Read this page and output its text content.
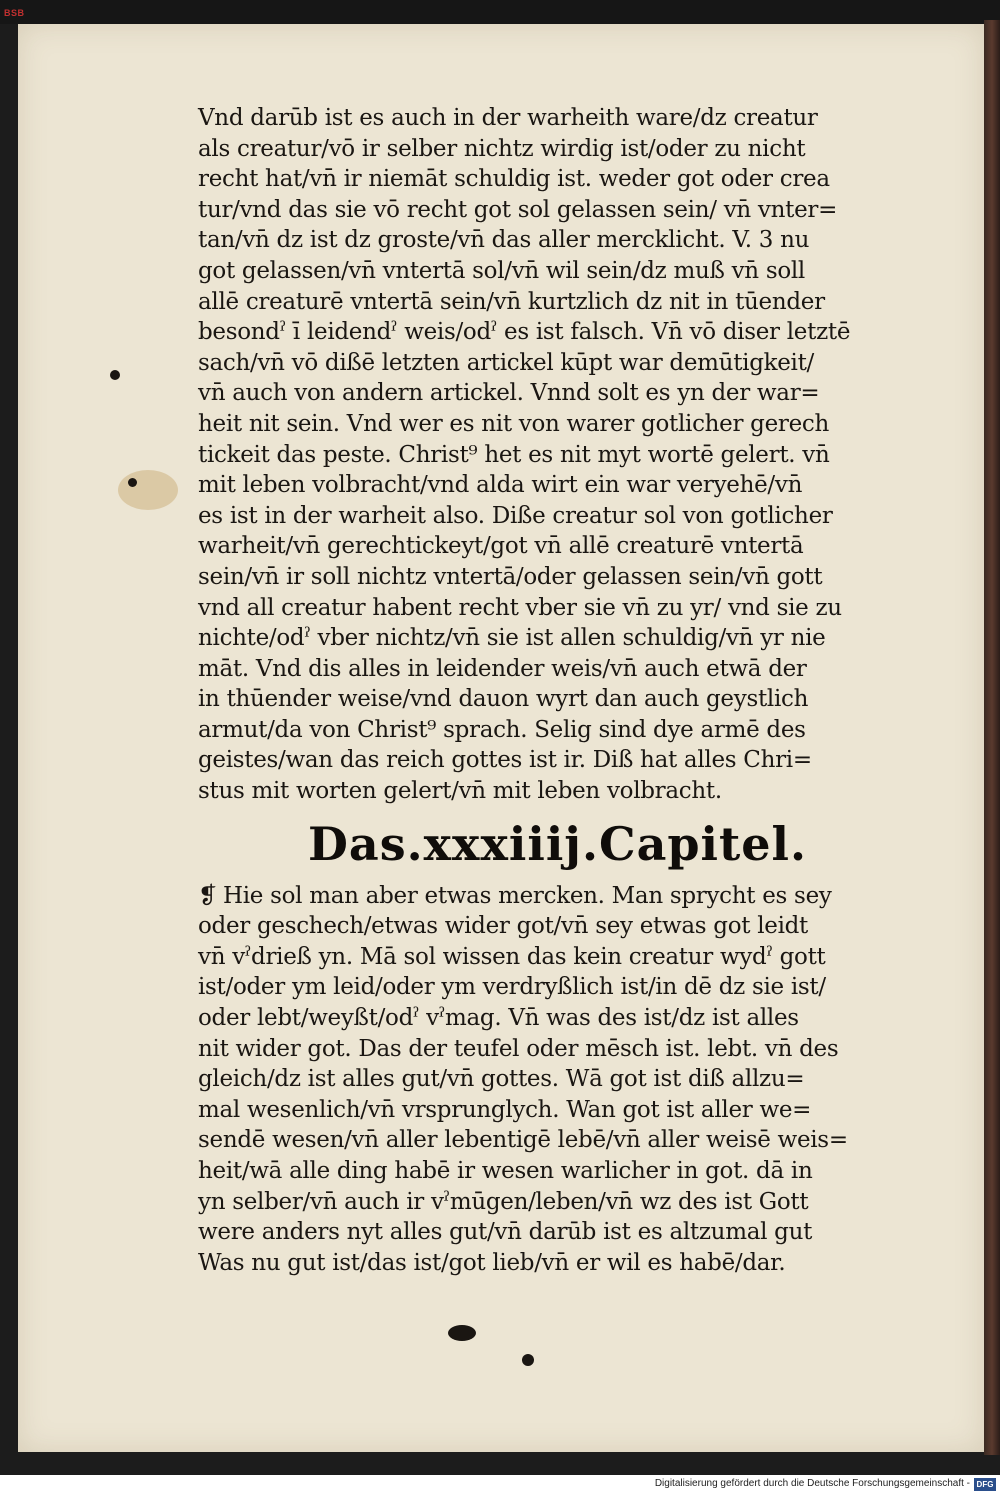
BSB
Vnd darūb ist es auch in der warheith ware/dz creatur
als creatur/vō ir selber nichtz wirdig ist/oder zu nicht
recht hat/vn̄ ir niemāt schuldig ist. weder got oder crea
tur/vnd das sie vō recht got sol gelassen sein/ vn̄ vnter=
tan/vn̄ dz ist dz groste/vn̄ das aller mercklicht. V. 3 nu
got gelassen/vn̄ vntertā sol/vn̄ wil sein/dz muß vn̄ soll
allē creaturē vntertā sein/vn̄ kurtzlich dz nit in tūender
besondˀ ī leidendˀ weis/odˀ es ist falsch. Vn̄ vō diser letztē
sach/vn̄ vō dißē letzten artickel kūpt war demūtigkeit/
vn̄ auch von andern artickel. Vnnd solt es yn der war=
heit nit sein. Vnd wer es nit von warer gotlicher gerech
tickeit das peste. Christ⁹ het es nit myt wortē gelert. vn̄
mit leben volbracht/vnd alda wirt ein war veryehē/vn̄
es ist in der warheit also. Diße creatur sol von gotlicher
warheit/vn̄ gerechtickeyt/got vn̄ allē creaturē vntertā
sein/vn̄ ir soll nichtz vntertā/oder gelassen sein/vn̄ gott
vnd all creatur habent recht vber sie vn̄ zu yr/ vnd sie zu
nichte/odˀ vber nichtz/vn̄ sie ist allen schuldig/vn̄ yr nie
māt. Vnd dis alles in leidender weis/vn̄ auch etwā der
in thūender weise/vnd dauon wyrt dan auch geystlich
armut/da von Christ⁹ sprach. Selig sind dye armē des
geistes/wan das reich gottes ist ir. Diß hat alles Chri=
stus mit worten gelert/vn̄ mit leben volbracht.
Das.xxxiiij.Capitel.
❡ Hie sol man aber etwas mercken. Man sprycht es sey
oder geschech/etwas wider got/vn̄ sey etwas got leidt
vn̄ vˀdrieß yn. Mā sol wissen das kein creatur wydˀ gott
ist/oder ym leid/oder ym verdryßlich ist/in dē dz sie ist/
oder lebt/weyßt/odˀ vˀmag. Vn̄ was des ist/dz ist alles
nit wider got. Das der teufel oder mēsch ist. lebt. vn̄ des
gleich/dz ist alles gut/vn̄ gottes. Wā got ist diß allzu=
mal wesenlich/vn̄ vrsprunglych. Wan got ist aller we=
sendē wesen/vn̄ aller lebentigē lebē/vn̄ aller weisē weis=
heit/wā alle ding habē ir wesen warlicher in got. dā in
yn selber/vn̄ auch ir vˀmūgen/leben/vn̄ wz des ist Gott
were anders nyt alles gut/vn̄ darūb ist es altzumal gut
Was nu gut ist/das ist/got lieb/vn̄ er wil es habē/dar.
Digitalisierung gefördert durch die Deutsche Forschungsgemeinschaft - DFG
